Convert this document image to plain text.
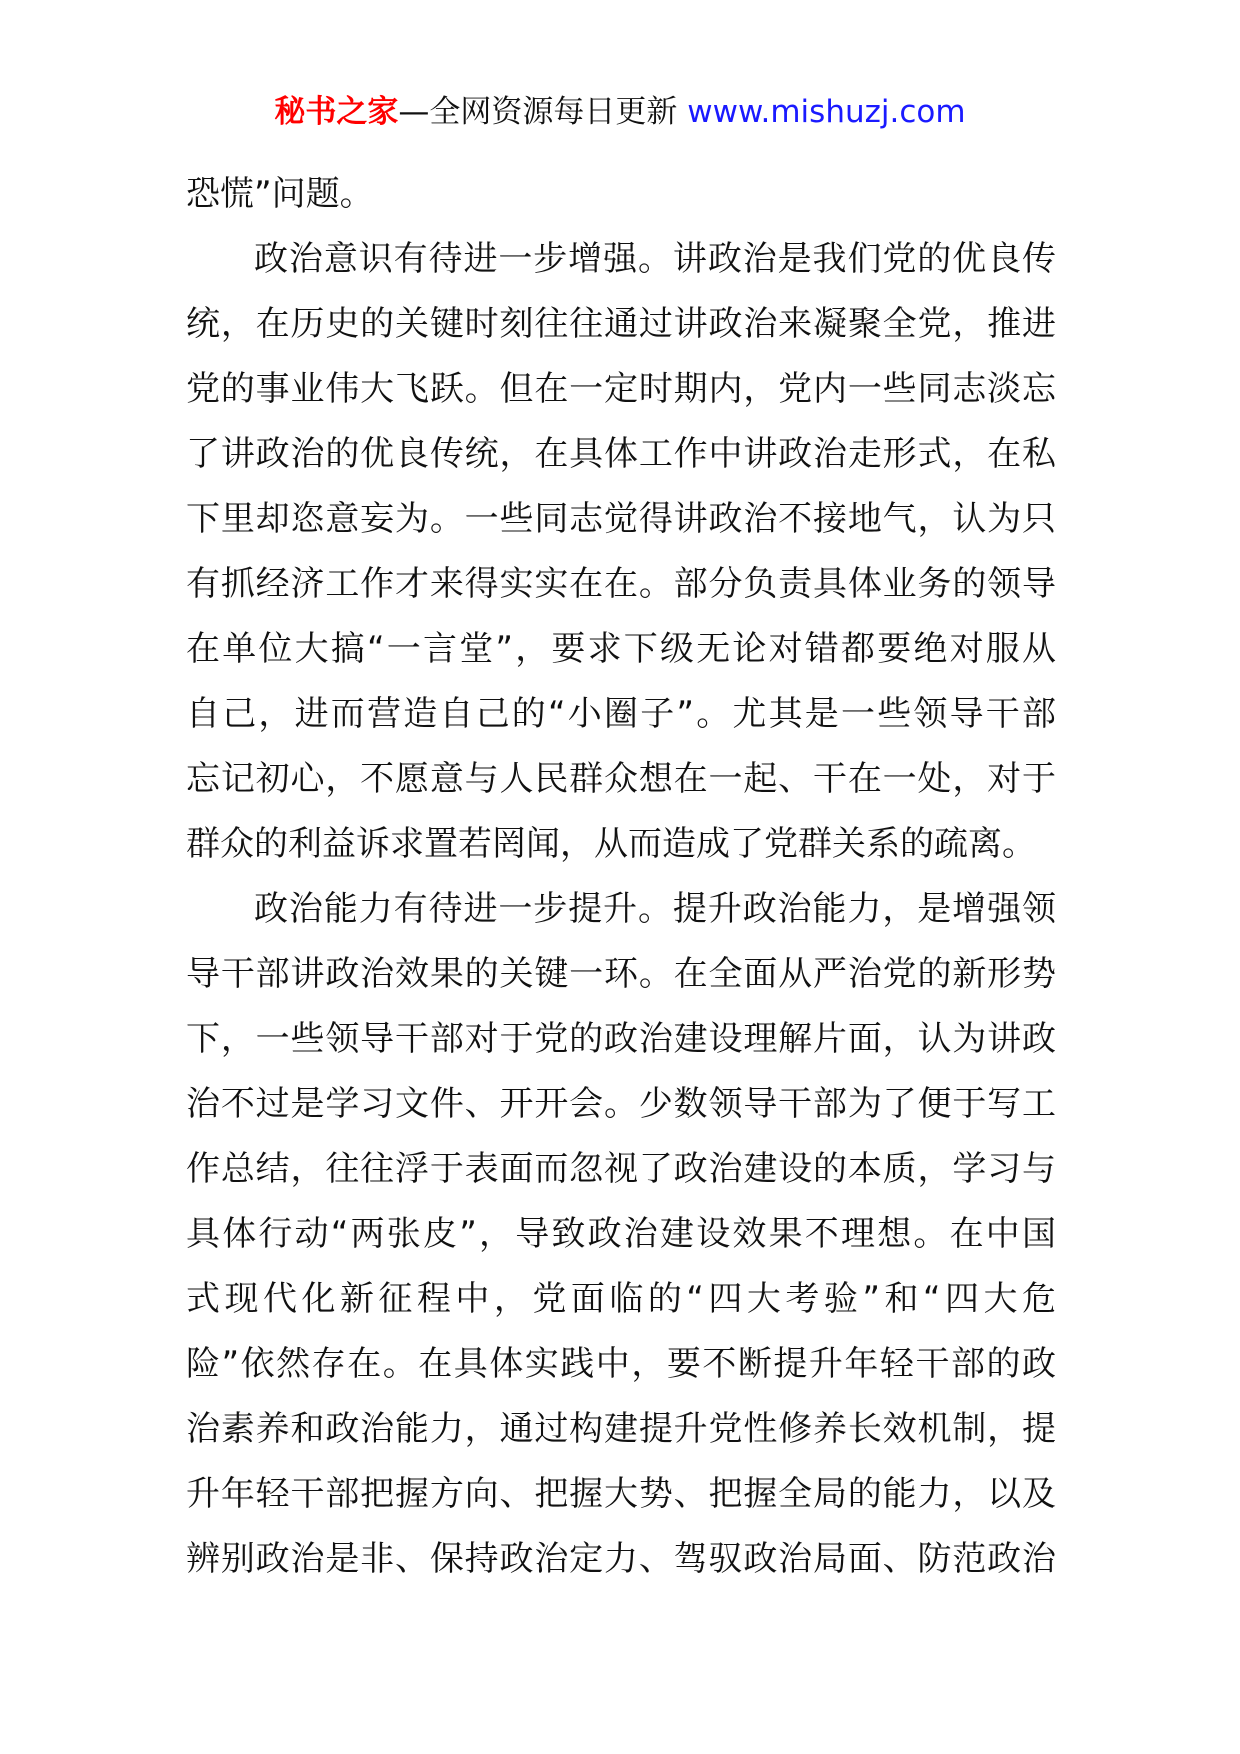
秘书之家—全网资源每日更新 www.mishuzj.com
恐慌”问题。
政治意识有待进一步增强。讲政治是我们党的优良传
统，在历史的关键时刻往往通过讲政治来凝聚全党，推进
党的事业伟大飞跃。但在一定时期内，党内一些同志淡忘
了讲政治的优良传统，在具体工作中讲政治走形式，在私
下里却恣意妄为。一些同志觉得讲政治不接地气，认为只
有抓经济工作才来得实实在在。部分负责具体业务的领导
在单位大搞“一言堂”，要求下级无论对错都要绝对服从
自己，进而营造自己的“小圈子”。尤其是一些领导干部
忘记初心，不愿意与人民群众想在一起、干在一处，对于
群众的利益诉求置若罔闻，从而造成了党群关系的疏离。
政治能力有待进一步提升。提升政治能力，是增强领
导干部讲政治效果的关键一环。在全面从严治党的新形势
下，一些领导干部对于党的政治建设理解片面，认为讲政
治不过是学习文件、开开会。少数领导干部为了便于写工
作总结，往往浮于表面而忽视了政治建设的本质，学习与
具体行动“两张皮”，导致政治建设效果不理想。在中国
式现代化新征程中，党面临的“四大考验”和“四大危
险”依然存在。在具体实践中，要不断提升年轻干部的政
治素养和政治能力，通过构建提升党性修养长效机制，提
升年轻干部把握方向、把握大势、把握全局的能力，以及
辨别政治是非、保持政治定力、驾驭政治局面、防范政治
